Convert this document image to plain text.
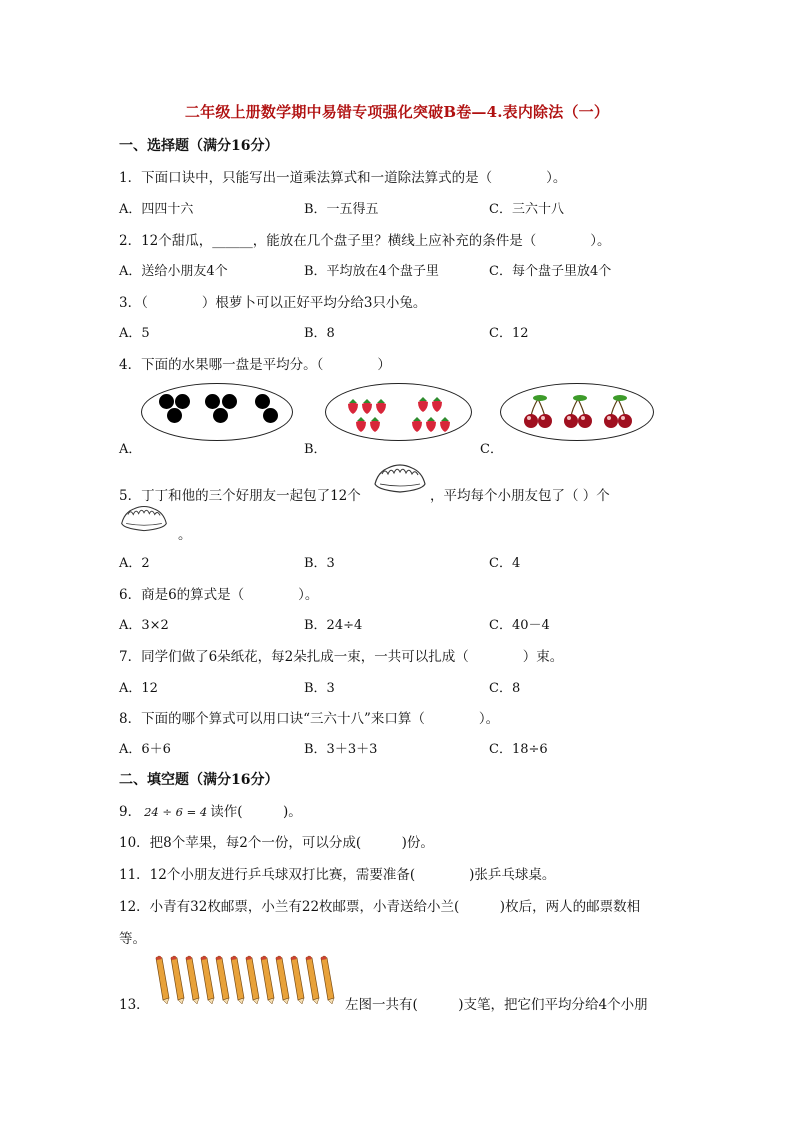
二年级上册数学期中易错专项强化突破B卷—4.表内除法（一）
一、选择题（满分16分）
1．下面口诀中，只能写出一道乘法算式和一道除法算式的是（　　　　）。
A．四四十六	B．一五得五	C．三六十八
2．12个甜瓜，______，能放在几个盘子里？横线上应补充的条件是（　　　　）。
A．送给小朋友4个	B．平均放在4个盘子里	C．每个盘子里放4个
3．（　　　　）根萝卜可以正好平均分给3只小兔。
A．5	B．8	C．12
4．下面的水果哪一盘是平均分。（　　　　）
A．	B．	C．
5．丁丁和他的三个好朋友一起包了12个	，平均每个小朋友包了（ ）个
。
A．2	B．3	C．4
6．商是6的算式是（　　　　）。
A．3×2	B．24÷4	C．40－4
7．同学们做了6朵纸花，每2朵扎成一束，一共可以扎成（　　　　）束。
A．12	B．3	C．8
8．下面的哪个算式可以用口诀“三六十八”来口算（　　　　）。
A．6＋6	B．3＋3＋3	C．18÷6
二、填空题（满分16分）
9． 24 ÷ 6 = 4 读作(　　　)。
10．把8个苹果，每2个一份，可以分成(　　　)份。
11．12个小朋友进行乒乓球双打比赛，需要准备(　　　　)张乒乓球桌。
12．小青有32枚邮票，小兰有22枚邮票，小青送给小兰(　　　)枚后，两人的邮票数相
等。
13．	左图一共有(　　　)支笔，把它们平均分给4个小朋
